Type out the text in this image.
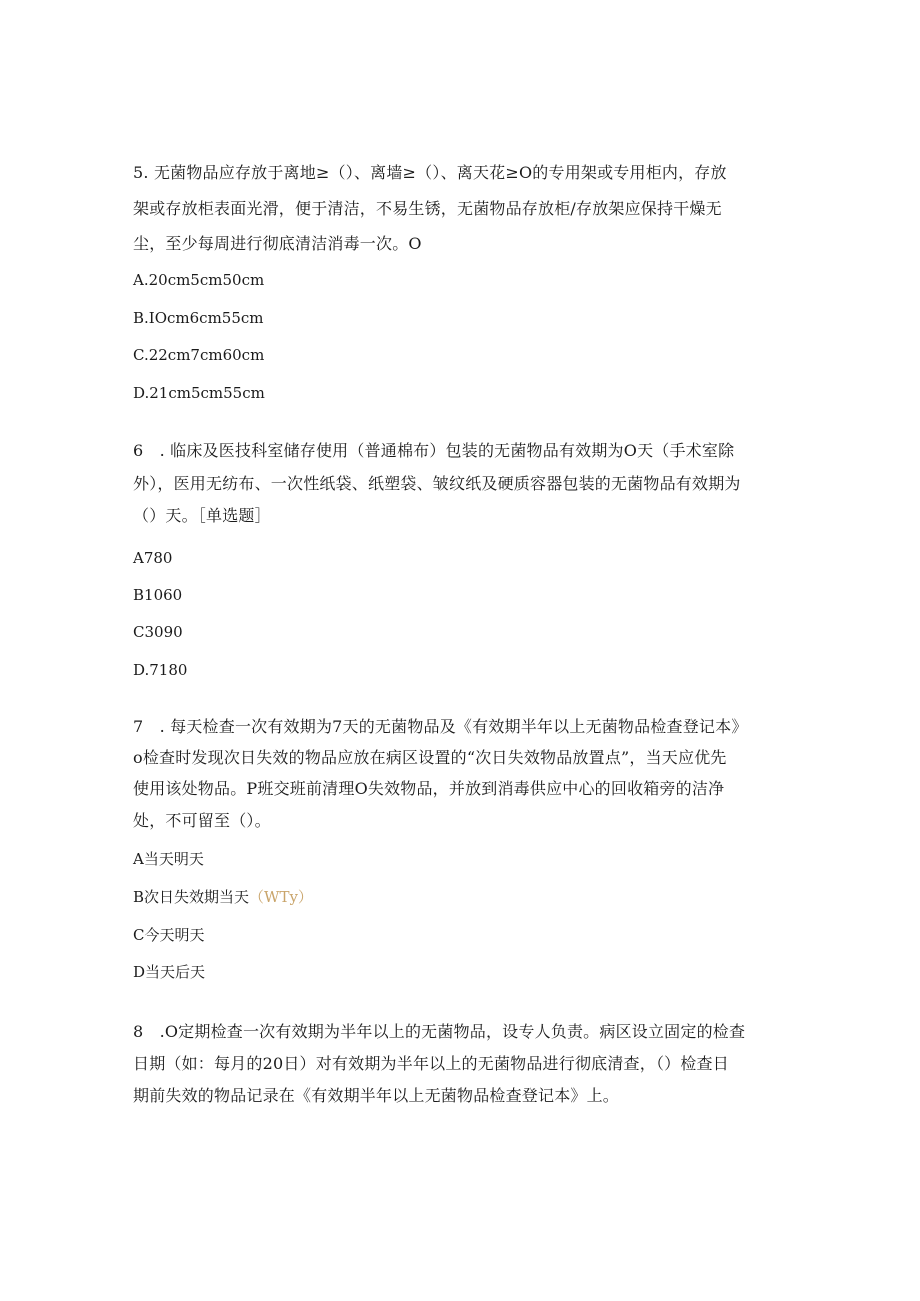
5. 无菌物品应存放于离地≥（）、离墙≥（）、离天花≥O的专用架或专用柜内，存放
架或存放柜表面光滑，便于清洁，不易生锈，无菌物品存放柜/存放架应保持干燥无
尘，至少每周进行彻底清洁消毒一次。O
A.20cm5cm50cm
B.IOcm6cm55cm
C.22cm7cm60cm
D.21cm5cm55cm
6　. 临床及医技科室储存使用（普通棉布）包装的无菌物品有效期为O天（手术室除
外），医用无纺布、一次性纸袋、纸塑袋、皱纹纸及硬质容器包装的无菌物品有效期为
（）天。［单选题］
A780
B1060
C3090
D.7180
7　. 每天检查一次有效期为7天的无菌物品及《有效期半年以上无菌物品检查登记本》
o检查时发现次日失效的物品应放在病区设置的“次日失效物品放置点”，当天应优先
使用该处物品。P班交班前清理O失效物品，并放到消毒供应中心的回收箱旁的洁净
处，不可留至（）。
A当天明天
B次日失效期当天（WTy）
C今天明天
D当天后天
8　.O定期检查一次有效期为半年以上的无菌物品，设专人负责。病区设立固定的检查
日期（如：每月的20日）对有效期为半年以上的无菌物品进行彻底清查，（）检查日
期前失效的物品记录在《有效期半年以上无菌物品检查登记本》上。
